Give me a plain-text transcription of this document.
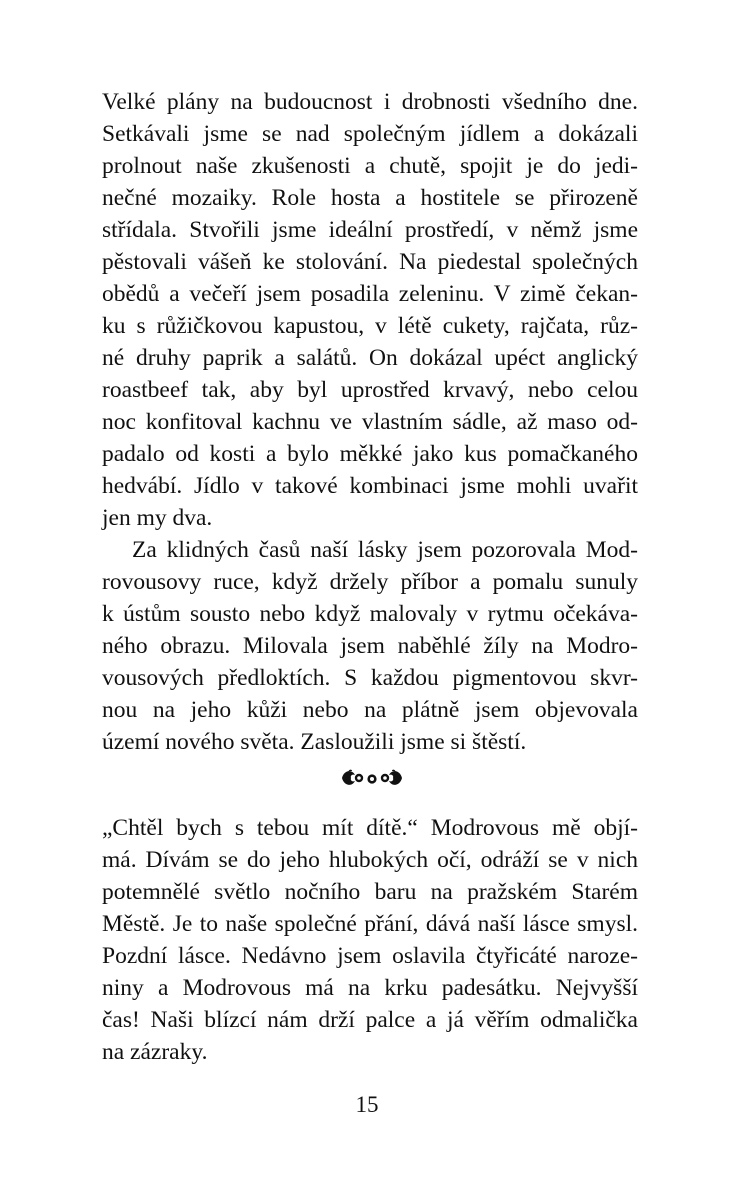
Velké plány na budoucnost i drobnosti všedního dne.
Setkávali jsme se nad společným jídlem a dokázali
prolnout naše zkušenosti a chutě, spojit je do jedi-
nečné mozaiky. Role hosta a hostitele se přirozeně
střídala. Stvořili jsme ideální prostředí, v němž jsme
pěstovali vášeň ke stolování. Na piedestal společných
obědů a večeří jsem posadila zeleninu. V zimě čekan-
ku s růžičkovou kapustou, v létě cukety, rajčata, růz-
né druhy paprik a salátů. On dokázal upéct anglický
roastbeef tak, aby byl uprostřed krvavý, nebo celou
noc konfitoval kachnu ve vlastním sádle, až maso od-
padalo od kosti a bylo měkké jako kus pomačkaného
hedvábí. Jídlo v takové kombinaci jsme mohli uvařit
jen my dva.
Za klidných časů naší lásky jsem pozorovala Mod-
rovousovy ruce, když držely příbor a pomalu sunuly
k ústům sousto nebo když malovaly v rytmu očekáva-
ného obrazu. Milovala jsem naběhlé žíly na Modro-
vousových předloktích. S každou pigmentovou skvr-
nou na jeho kůži nebo na plátně jsem objevovala
území nového světa. Zasloužili jsme si štěstí.
„Chtěl bych s tebou mít dítě.“ Modrovous mě objí-
má. Dívám se do jeho hlubokých očí, odráží se v nich
potemnělé světlo nočního baru na pražském Starém
Městě. Je to naše společné přání, dává naší lásce smysl.
Pozdní lásce. Nedávno jsem oslavila čtyřicáté naroze-
niny a Modrovous má na krku padesátku. Nejvyšší
čas! Naši blízcí nám drží palce a já věřím odmalička
na zázraky.
15
